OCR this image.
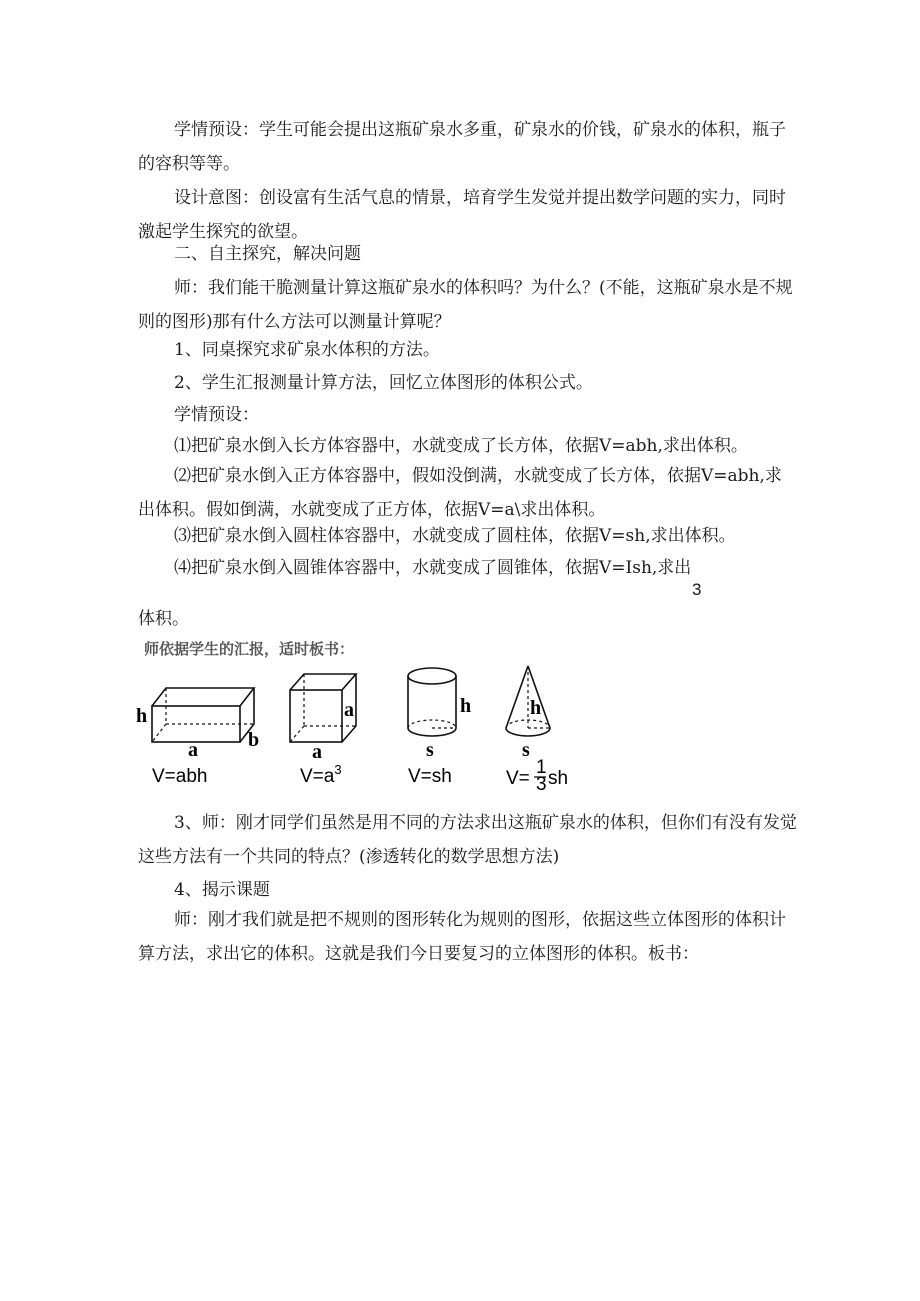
学情预设：学生可能会提出这瓶矿泉水多重，矿泉水的价钱，矿泉水的体积，瓶子的容积等等。

设计意图：创设富有生活气息的情景，培育学生发觉并提出数学问题的实力，同时激起学生探究的欲望。

二、自主探究，解决问题

师：我们能干脆测量计算这瓶矿泉水的体积吗？为什么？(不能，这瓶矿泉水是不规则的图形)那有什么方法可以测量计算呢？

1、同桌探究求矿泉水体积的方法。

2、学生汇报测量计算方法，回忆立体图形的体积公式。

学情预设：

⑴把矿泉水倒入长方体容器中，水就变成了长方体，依据V=abh,求出体积。

⑵把矿泉水倒入正方体容器中，假如没倒满，水就变成了长方体，依据V=abh,求出体积。假如倒满，水就变成了正方体，依据V=a\求出体积。

⑶把矿泉水倒入圆柱体容器中，水就变成了圆柱体，依据V=sh,求出体积。

⑷把矿泉水倒入圆锥体容器中，水就变成了圆锥体，依据V=Ish,求出

3

体积。

师依据学生的汇报，适时板书：
h
a	b
V=abh
a
a
$V=a^3$
h
s
V=sh
h
s
V=
1
3 sh

3、师：刚才同学们虽然是用不同的方法求出这瓶矿泉水的体积，但你们有没有发觉这些方法有一个共同的特点？(渗透转化的数学思想方法)

4、揭示课题

师：刚才我们就是把不规则的图形转化为规则的图形，依据这些立体图形的体积计算方法，求出它的体积。这就是我们今日要复习的立体图形的体积。板书：
